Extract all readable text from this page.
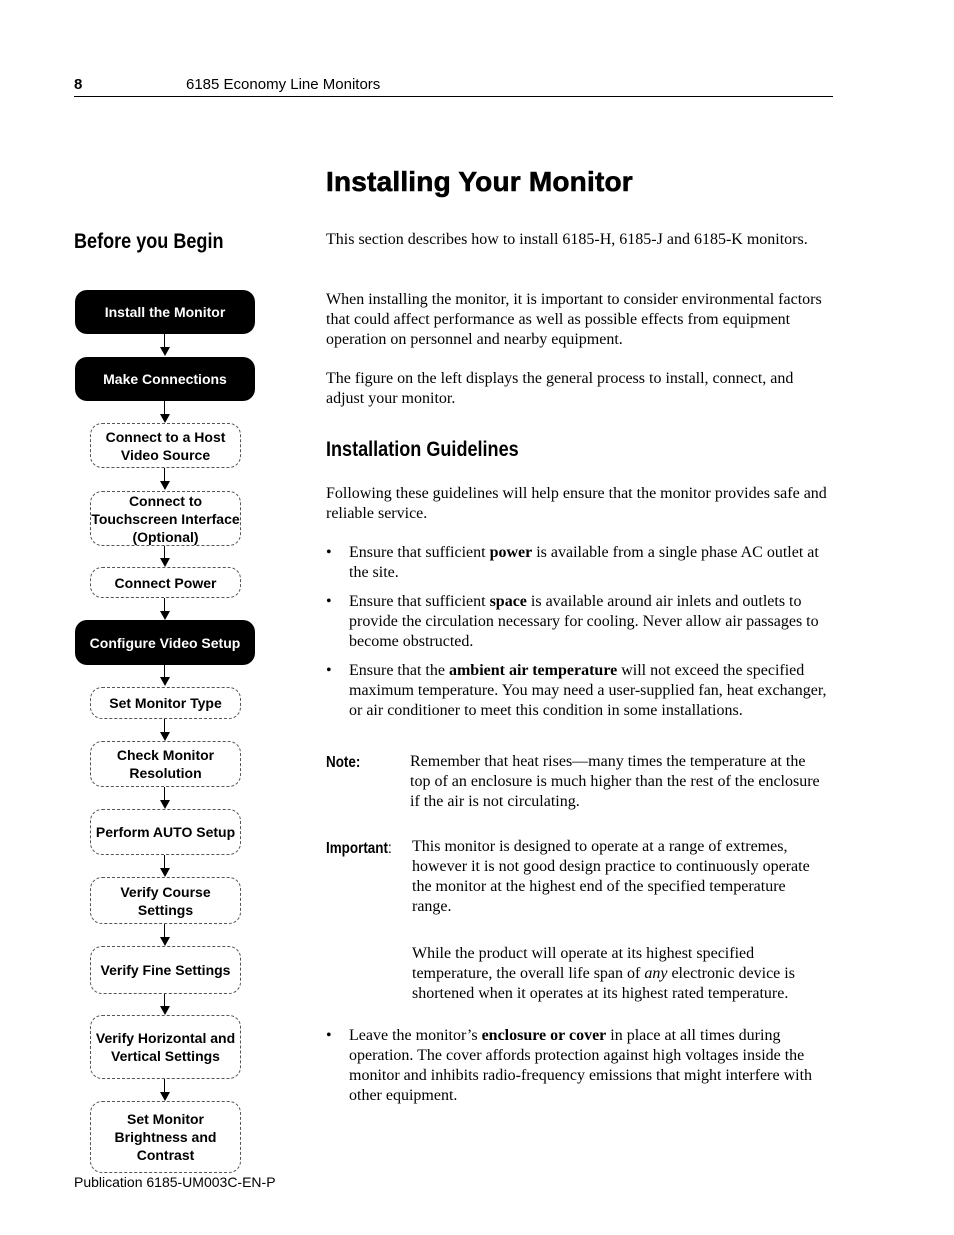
8	6185 Economy Line Monitors
Installing Your Monitor
Before you Begin	This section describes how to install 6185-H, 6185-J and 6185-K monitors.

When installing the monitor, it is important to consider environmental factors that could affect performance as well as possible effects from equipment operation on personnel and nearby equipment.

The figure on the left displays the general process to install, connect, and adjust your monitor.

Installation Guidelines

Following these guidelines will help ensure that the monitor provides safe and reliable service.

• Ensure that sufficient power is available from a single phase AC outlet at the site.
• Ensure that sufficient space is available around air inlets and outlets to provide the circulation necessary for cooling. Never allow air passages to become obstructed.
• Ensure that the ambient air temperature will not exceed the specified maximum temperature. You may need a user-supplied fan, heat exchanger, or air conditioner to meet this condition in some installations.
Note:	Remember that heat rises—many times the temperature at the top of an enclosure is much higher than the rest of the enclosure if the air is not circulating.

Important: This monitor is designed to operate at a range of extremes, however it is not good design practice to continuously operate the monitor at the highest end of the specified temperature range.

While the product will operate at its highest specified temperature, the overall life span of any electronic device is shortened when it operates at its highest rated temperature.

• Leave the monitor’s enclosure or cover in place at all times during operation. The cover affords protection against high voltages inside the monitor and inhibits radio-frequency emissions that might interfere with other equipment.
Install the Monitor
Make Connections
Connect to a Host Video Source
Connect to Touchscreen Interface (Optional)
Connect Power
Configure Video Setup
Set Monitor Type
Check Monitor Resolution
Perform AUTO Setup
Verify Course Settings
Verify Fine Settings
Verify Horizontal and Vertical Settings
Set Monitor Brightness and Contrast
Publication 6185-UM003C-EN-P
